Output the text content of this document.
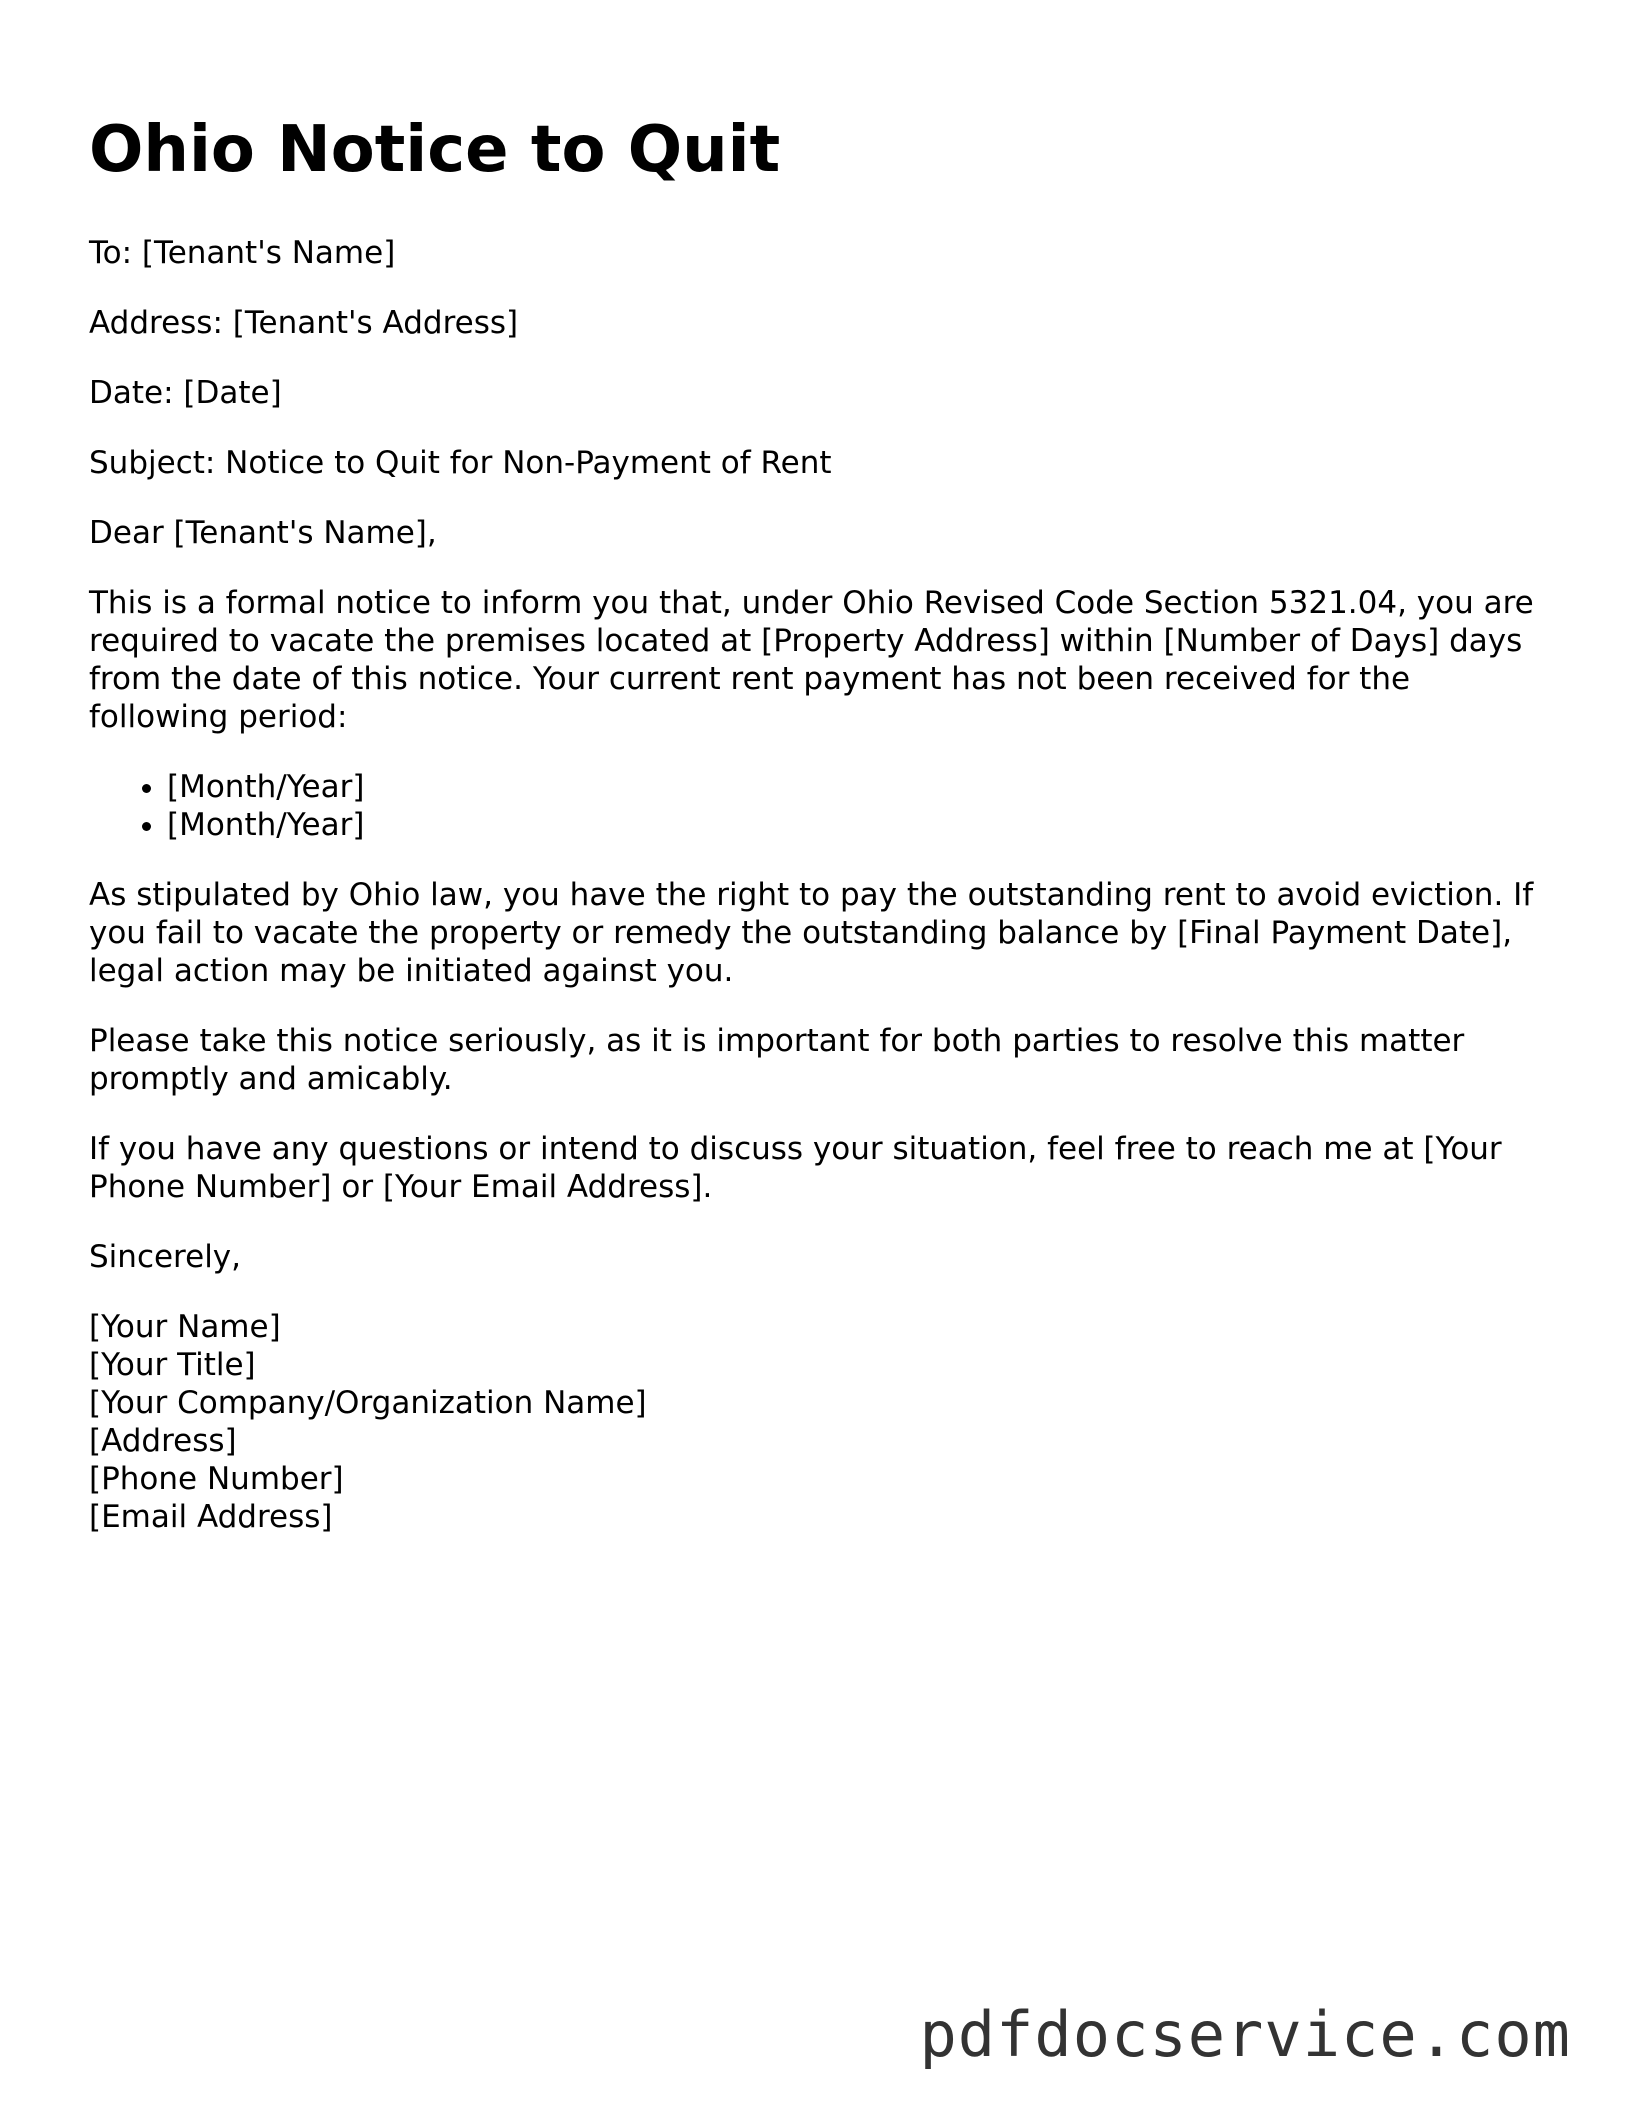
Ohio Notice to Quit

To: [Tenant's Name]

Address: [Tenant's Address]

Date: [Date]

Subject: Notice to Quit for Non-Payment of Rent

Dear [Tenant's Name],

This is a formal notice to inform you that, under Ohio Revised Code Section 5321.04, you are required to vacate the premises located at [Property Address] within [Number of Days] days from the date of this notice. Your current rent payment has not been received for the following period:

• [Month/Year]
• [Month/Year]

As stipulated by Ohio law, you have the right to pay the outstanding rent to avoid eviction. If you fail to vacate the property or remedy the outstanding balance by [Final Payment Date], legal action may be initiated against you.

Please take this notice seriously, as it is important for both parties to resolve this matter promptly and amicably.

If you have any questions or intend to discuss your situation, feel free to reach me at [Your Phone Number] or [Your Email Address].

Sincerely,

[Your Name]
[Your Title]
[Your Company/Organization Name]
[Address]
[Phone Number]
[Email Address]
pdfdocservice.com
